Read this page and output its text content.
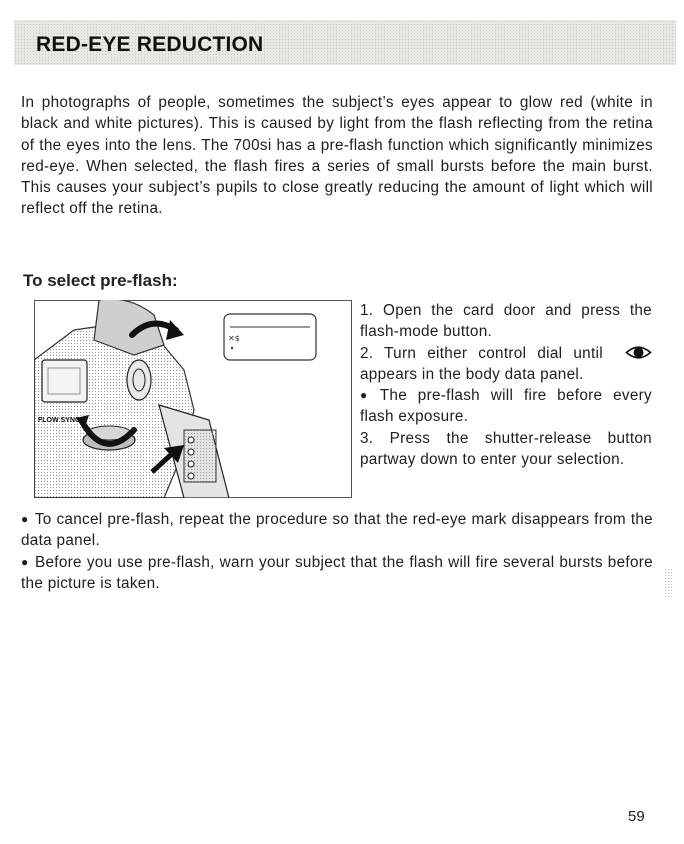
RED-EYE REDUCTION

In photographs of people, sometimes the subject’s eyes appear to glow red (white in black and white pictures). This is caused by light from the flash reflecting from the retina of the eyes into the lens. The 700si has a pre-flash function which significantly minimizes red-eye. When selected, the flash fires a series of small bursts before the main burst. This causes your subject’s pupils to close greatly reducing the amount of light which will reflect off the retina.

To select pre-flash:
FLOW SYNC
✕$

1. Open the card door and press the flash-mode button.

2. Turn either control dial until   appears in the body data panel.

● The pre-flash will fire before every flash exposure.

3. Press the shutter-release button partway down to enter your selection.

● To cancel pre-flash, repeat the procedure so that the red-eye mark disappears from the data panel.

● Before you use pre-flash, warn your subject that the flash will fire several bursts before the picture is taken.

59
